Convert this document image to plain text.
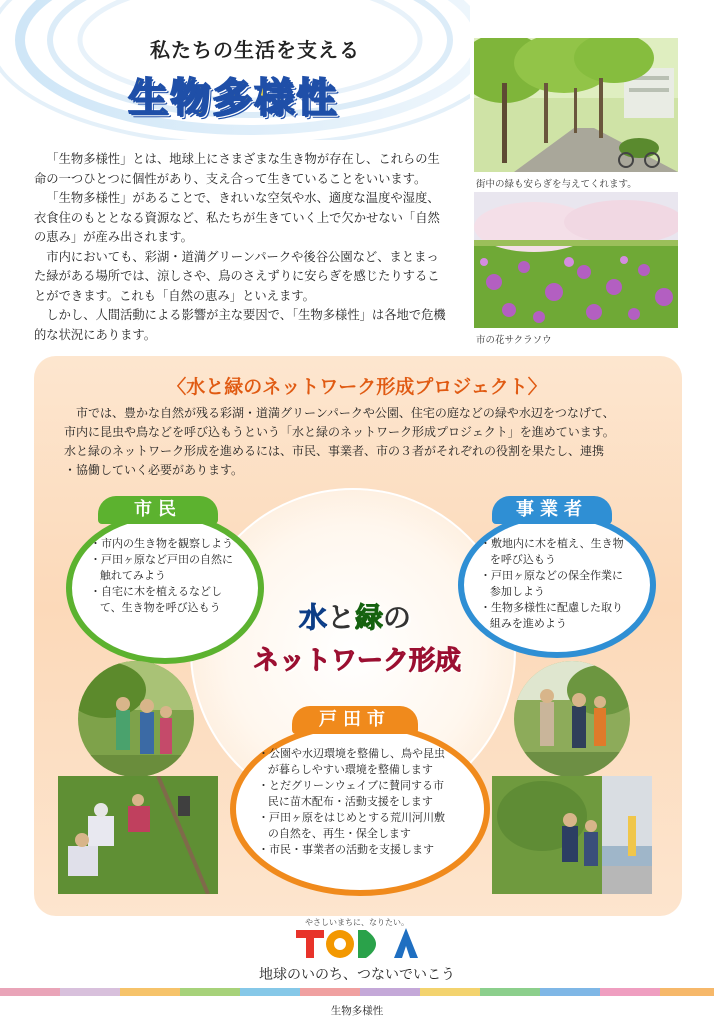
私たちの生活を支える
生物多様性

「生物多様性」とは、地球上にさまざまな生き物が存在し、これらの生命の一つひとつに個性があり、支え合って生きていることをいいます。

「生物多様性」があることで、きれいな空気や水、適度な温度や湿度、衣食住のもととなる資源など、私たちが生きていく上で欠かせない「自然の恵み」が産み出されます。

市内においても、彩湖・道満グリーンパークや後谷公園など、まとまった緑がある場所では、涼しさや、鳥のさえずりに安らぎを感じたりすることができます。これも「自然の恵み」といえます。

しかし、人間活動による影響が主な要因で、「生物多様性」は各地で危機的な状況にあります。

街中の緑も安らぎを与えてくれます。
市の花サクラソウ
〈水と緑のネットワーク形成プロジェクト〉

市では、豊かな自然が残る彩湖・道満グリーンパークや公園、住宅の庭などの緑や水辺をつなげて、

市内に昆虫や鳥などを呼び込もうという「水と緑のネットワーク形成プロジェクト」を進めています。

水と緑のネットワーク形成を進めるには、市民、事業者、市の３者がそれぞれの役割を果たし、連携

・協働していく必要があります。

水と緑の
ネットワーク形成
市民
・市内の生き物を観察しよう
・戸田ヶ原など戸田の自然に触れてみよう
・自宅に木を植えるなどして、生き物を呼び込もう
事業者
・敷地内に木を植え、生き物を呼び込もう
・戸田ヶ原などの保全作業に参加しよう
・生物多様性に配慮した取り組みを進めよう
戸田市
・公園や水辺環境を整備し、鳥や昆虫が暮らしやすい環境を整備します
・とだグリーンウェイブに賛同する市民に苗木配布・活動支援をします
・戸田ヶ原をはじめとする荒川河川敷の自然を、再生・保全します
・市民・事業者の活動を支援します
やさしいまちに、なりたい。
地球のいのち、つないでいこう
生物多様性
